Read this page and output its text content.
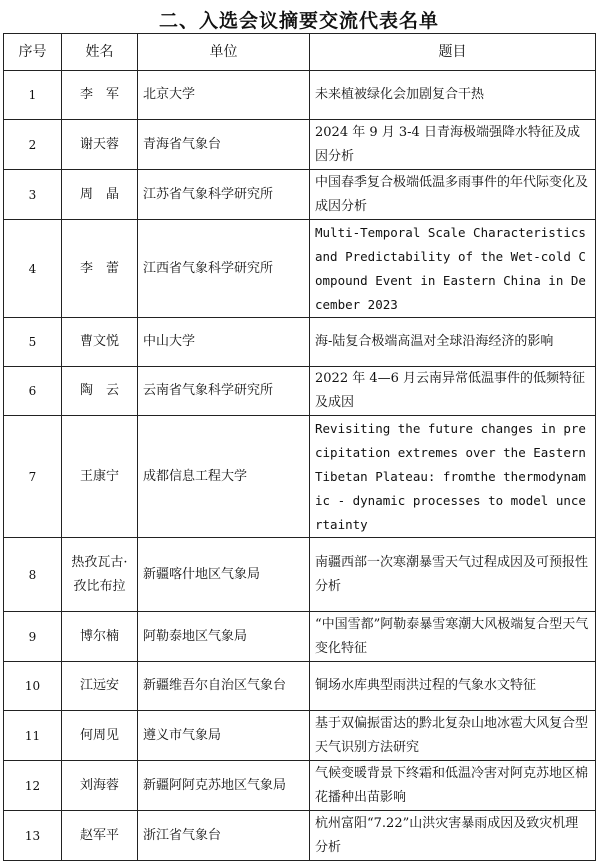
二、入选会议摘要交流代表名单
序号	姓名	单位	题目
1	李　军	北京大学	未来植被绿化会加剧复合干热
2	谢天蓉	青海省气象台	2024 年 9 月 3-4 日青海极端强降水特征及成因分析
3	周　晶	江苏省气象科学研究所	中国春季复合极端低温多雨事件的年代际变化及成因分析
4	李　蕾	江西省气象科学研究所	Multi-Temporal Scale Characteristics and Predictability of the Wet-cold Compound Event in Eastern China in December 2023
5	曹文悦	中山大学	海-陆复合极端高温对全球沿海经济的影响
6	陶　云	云南省气象科学研究所	2022 年 4—6 月云南异常低温事件的低频特征及成因
7	王康宁	成都信息工程大学	Revisiting the future changes in precipitation extremes over the Eastern Tibetan Plateau: fromthe thermodynamic - dynamic processes to model uncertainty
8	热孜瓦古·孜比布拉	新疆喀什地区气象局	南疆西部一次寒潮暴雪天气过程成因及可预报性分析
9	博尔楠	阿勒泰地区气象局	“中国雪都”阿勒泰暴雪寒潮大风极端复合型天气变化特征
10	江远安	新疆维吾尔自治区气象台	铜场水库典型雨洪过程的气象水文特征
11	何周见	遵义市气象局	基于双偏振雷达的黔北复杂山地冰雹大风复合型天气识别方法研究
12	刘海蓉	新疆阿阿克苏地区气象局	气候变暖背景下终霜和低温冷害对阿克苏地区棉花播种出苗影响
13	赵军平	浙江省气象台	杭州富阳“7.22”山洪灾害暴雨成因及致灾机理分析
